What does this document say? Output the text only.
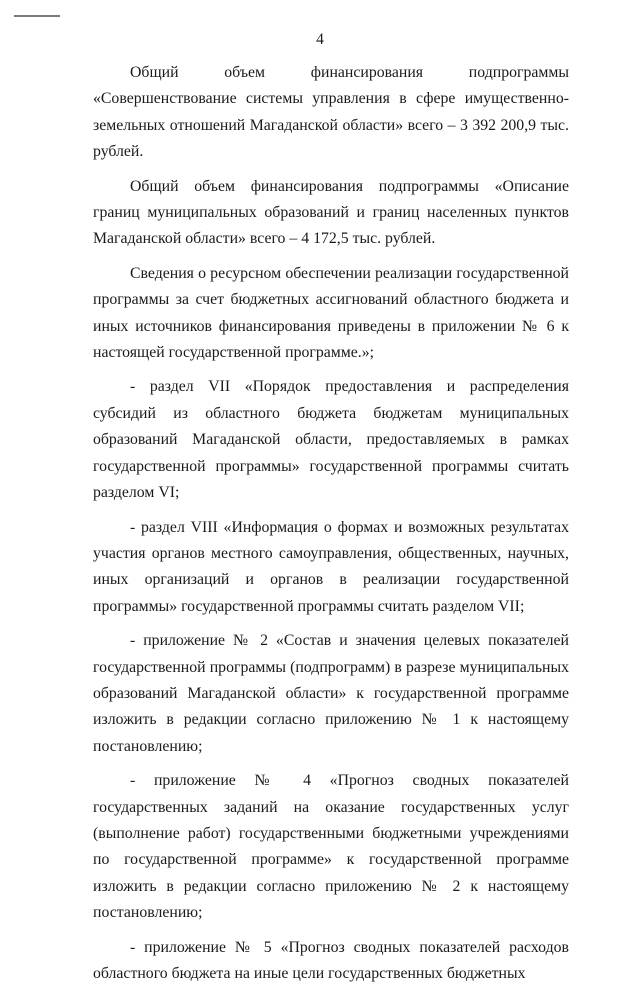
4

Общий объем финансирования подпрограммы «Совершенствование системы управления в сфере имущественно-земельных отношений Магаданской области» всего – 3 392 200,9 тыс. рублей.

Общий объем финансирования подпрограммы «Описание границ муниципальных образований и границ населенных пунктов Магаданской области» всего – 4 172,5 тыс. рублей.

Сведения о ресурсном обеспечении реализации государственной программы за счет бюджетных ассигнований областного бюджета и иных источников финансирования приведены в приложении № 6 к настоящей государственной программе.»;

- раздел VII «Порядок предоставления и распределения субсидий из областного бюджета бюджетам муниципальных образований Магаданской области, предоставляемых в рамках государственной программы» государственной программы считать разделом VI;

- раздел VIII «Информация о формах и возможных результатах участия органов местного самоуправления, общественных, научных, иных организаций и органов в реализации государственной программы» государственной программы считать разделом VII;

- приложение № 2 «Состав и значения целевых показателей государственной программы (подпрограмм) в разрезе муниципальных образований Магаданской области» к государственной программе изложить в редакции согласно приложению № 1 к настоящему постановлению;

- приложение № 4 «Прогноз сводных показателей государственных заданий на оказание государственных услуг (выполнение работ) государственными бюджетными учреждениями по государственной программе» к государственной программе изложить в редакции согласно приложению № 2 к настоящему постановлению;

- приложение № 5 «Прогноз сводных показателей расходов областного бюджета на иные цели государственных бюджетных
